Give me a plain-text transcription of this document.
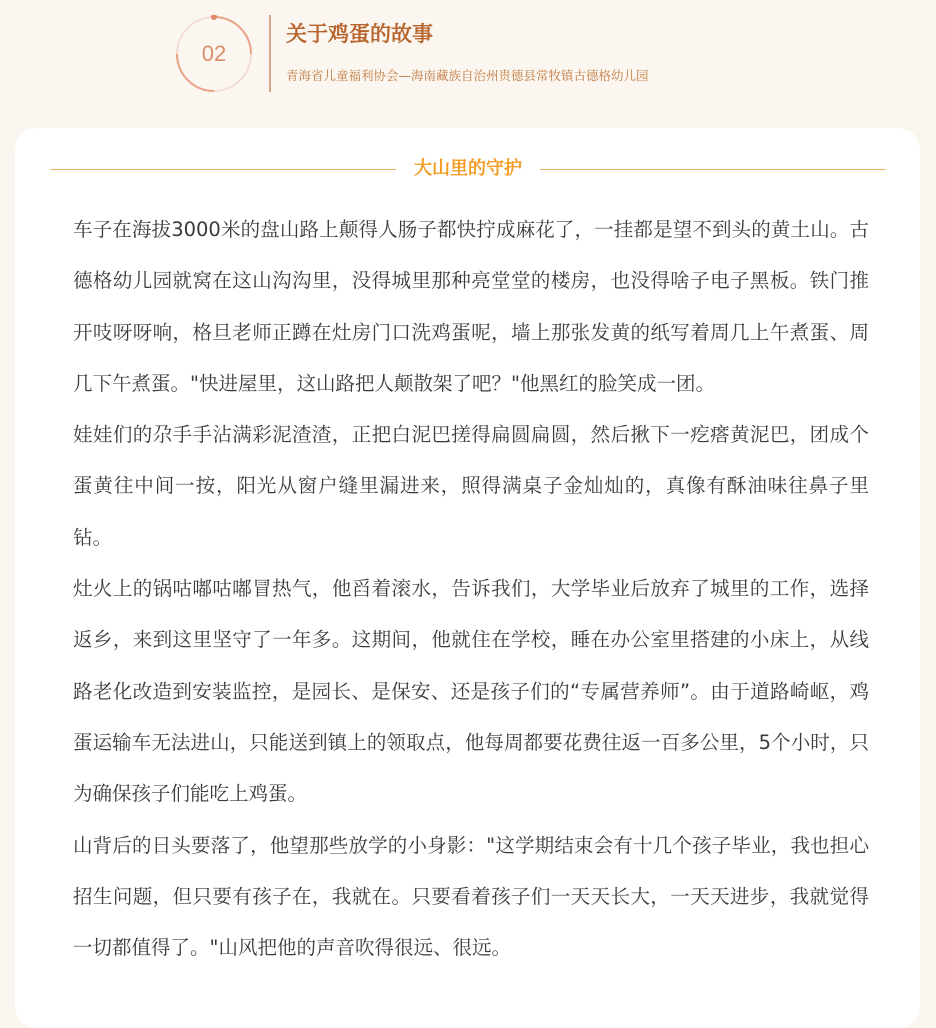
02
关于鸡蛋的故事
青海省儿童福利协会—海南藏族自治州贵德县常牧镇古德格幼儿园
大山里的守护

车子在海拔3000米的盘山路上颠得人肠子都快拧成麻花了，一挂都是望不到头的黄土山。古德格幼儿园就窝在这山沟沟里，没得城里那种亮堂堂的楼房，也没得啥子电子黑板。铁门推开吱呀呀响，格旦老师正蹲在灶房门口洗鸡蛋呢，墙上那张发黄的纸写着周几上午煮蛋、周几下午煮蛋。"快进屋里，这山路把人颠散架了吧？"他黑红的脸笑成一团。

娃娃们的尕手手沾满彩泥渣渣，正把白泥巴搓得扁圆扁圆，然后揪下一疙瘩黄泥巴，团成个蛋黄往中间一按，阳光从窗户缝里漏进来，照得满桌子金灿灿的，真像有酥油味往鼻子里钻。

灶火上的锅咕嘟咕嘟冒热气，他舀着滚水，告诉我们，大学毕业后放弃了城里的工作，选择返乡，来到这里坚守了一年多。这期间，他就住在学校，睡在办公室里搭建的小床上，从线路老化改造到安装监控，是园长、是保安、还是孩子们的“专属营养师”。由于道路崎岖，鸡蛋运输车无法进山，只能送到镇上的领取点，他每周都要花费往返一百多公里，5个小时，只为确保孩子们能吃上鸡蛋。

山背后的日头要落了，他望那些放学的小身影："这学期结束会有十几个孩子毕业，我也担心招生问题，但只要有孩子在，我就在。只要看着孩子们一天天长大，一天天进步，我就觉得一切都值得了。"山风把他的声音吹得很远、很远。
